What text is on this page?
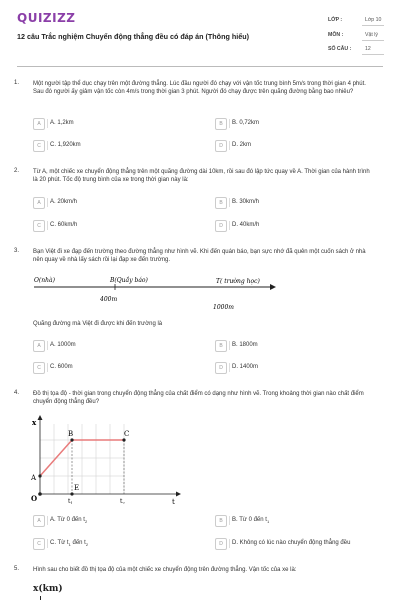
QUIZIZZ
12 câu Trắc nghiệm Chuyển động thẳng đều có đáp án (Thông hiểu)
LỚP :	Lớp 10
MÔN :	Vật lý
SỐ CÂU :	12
1. Một người tập thể dục chạy trên một đường thẳng. Lúc đầu người đó chạy với vận tốc trung bình 5m/s trong thời gian 4 phút. Sau đó người ấy giảm vận tốc còn 4m/s trong thời gian 3 phút. Người đó chạy được trên quãng đường bằng bao nhiêu?
A	A. 1,2km	B	B. 0,72km
C	C. 1,920km	D	D. 2km
2. Từ A, một chiếc xe chuyển động thẳng trên một quãng đường dài 10km, rồi sau đó lập tức quay về A. Thời gian của hành trình là 20 phút. Tốc độ trung bình của xe trong thời gian này là:
A	A. 20km/h	B	B. 30km/h
C	C. 60km/h	D	D. 40km/h
3. Bạn Việt đi xe đạp đến trường theo đường thẳng như hình vẽ. Khi đến quán báo, bạn sực nhớ đã quên một cuốn sách ở nhà nên quay về nhà lấy sách rồi lại đạp xe đến trường.
O(nhà)	B(Quầy báo)	T( trường học)
400m
1000m
Quãng đường mà Việt đi được khi đến trường là
A	A. 1000m	B	B. 1800m
C	C. 600m	D	D. 1400m
4. Đồ thị tọa độ - thời gian trong chuyển động thẳng của chất điểm có dạng như hình vẽ. Trong khoảng thời gian nào chất điểm chuyển động thẳng đều?
x
t
O
A
B	C
E
$t_1$	$t_2$
A	A. Từ 0 đến $t_2$	B	B. Từ 0 đến $t_1$
C	C. Từ $t_1$ đến $t_2$	D	D. Không có lúc nào chuyển động thẳng đều
5. Hình sau cho biết đồ thị tọa độ của một chiếc xe chuyển động trên đường thẳng. Vận tốc của xe là:
x(km)
